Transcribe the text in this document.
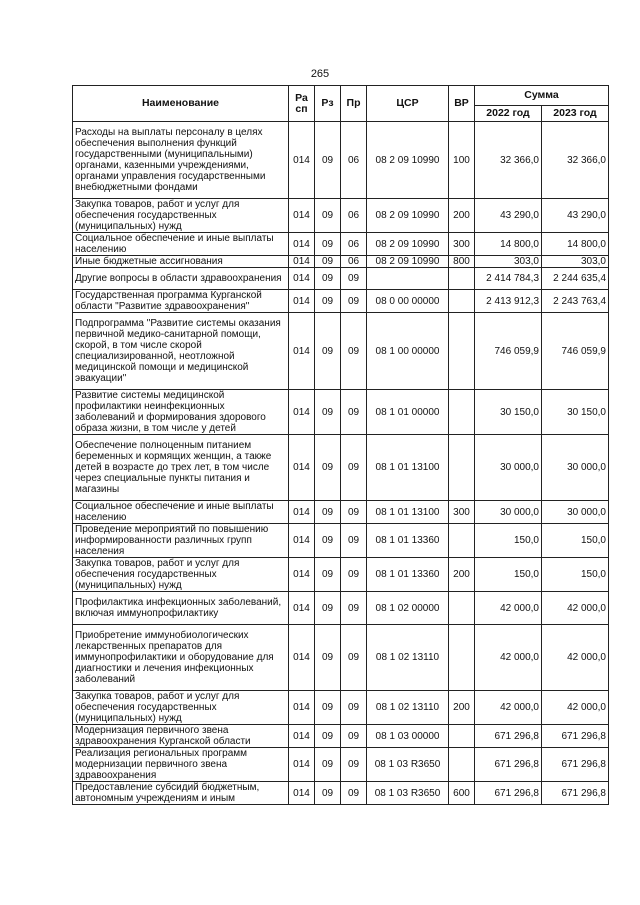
265
Наименование	Ра сп	Рз	Пр	ЦСР	ВР	Сумма	
						2022 год	2023 год
Расходы на выплаты персоналу в целях обеспечения выполнения функций государственными (муниципальными) органами, казенными учреждениями, органами управления государственными внебюджетными фондами	014	09	06	08 2 09 10990	100	32 366,0	32 366,0
Закупка товаров, работ и услуг для обеспечения государственных (муниципальных) нужд	014	09	06	08 2 09 10990	200	43 290,0	43 290,0
Социальное обеспечение и иные выплаты населению	014	09	06	08 2 09 10990	300	14 800,0	14 800,0
Иные бюджетные ассигнования	014	09	06	08 2 09 10990	800	303,0	303,0
Другие вопросы в области здравоохранения	014	09	09			2 414 784,3	2 244 635,4
Государственная программа Курганской области "Развитие здравоохранения"	014	09	09	08 0 00 00000		2 413 912,3	2 243 763,4
Подпрограмма "Развитие системы оказания первичной медико-санитарной помощи, скорой, в том числе скорой специализированной, неотложной медицинской помощи и медицинской эвакуации"	014	09	09	08 1 00 00000		746 059,9	746 059,9
Развитие системы медицинской профилактики неинфекционных заболеваний и формирования здорового образа жизни, в том числе у детей	014	09	09	08 1 01 00000		30 150,0	30 150,0
Обеспечение полноценным питанием беременных и кормящих женщин, а также детей в возрасте до трех лет, в том числе через специальные пункты питания и магазины	014	09	09	08 1 01 13100		30 000,0	30 000,0
Социальное обеспечение и иные выплаты населению	014	09	09	08 1 01 13100	300	30 000,0	30 000,0
Проведение мероприятий по повышению информированности различных групп населения	014	09	09	08 1 01 13360		150,0	150,0
Закупка товаров, работ и услуг для обеспечения государственных (муниципальных) нужд	014	09	09	08 1 01 13360	200	150,0	150,0
Профилактика инфекционных заболеваний, включая иммунопрофилактику	014	09	09	08 1 02 00000		42 000,0	42 000,0
Приобретение иммунобиологических лекарственных препаратов для иммунопрофилактики и оборудование для диагностики и лечения инфекционных заболеваний	014	09	09	08 1 02 13110		42 000,0	42 000,0
Закупка товаров, работ и услуг для обеспечения государственных (муниципальных) нужд	014	09	09	08 1 02 13110	200	42 000,0	42 000,0
Модернизация первичного звена здравоохранения Курганской области	014	09	09	08 1 03 00000		671 296,8	671 296,8
Реализация региональных программ модернизации первичного звена здравоохранения	014	09	09	08 1 03 R3650		671 296,8	671 296,8
Предоставление субсидий бюджетным, автономным учреждениям и иным	014	09	09	08 1 03 R3650	600	671 296,8	671 296,8
